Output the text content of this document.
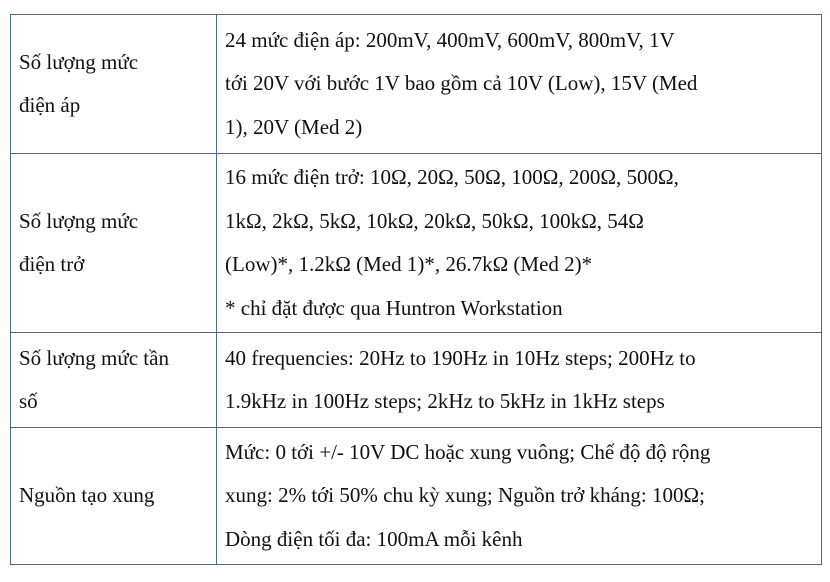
Số lượng mức
điện áp	24 mức điện áp: 200mV, 400mV, 600mV, 800mV, 1V
tới 20V với bước 1V bao gồm cả 10V (Low), 15V (Med
1), 20V (Med 2)

Số lượng mức
điện trở	16 mức điện trở: 10Ω, 20Ω, 50Ω, 100Ω, 200Ω, 500Ω,
1kΩ, 2kΩ, 5kΩ, 10kΩ, 20kΩ, 50kΩ, 100kΩ, 54Ω
(Low)*, 1.2kΩ (Med 1)*, 26.7kΩ (Med 2)*
* chỉ đặt được qua Huntron Workstation

Số lượng mức tần
số	40 frequencies: 20Hz to 190Hz in 10Hz steps; 200Hz to
1.9kHz in 100Hz steps; 2kHz to 5kHz in 1kHz steps

Nguồn tạo xung	Mức: 0 tới +/- 10V DC hoặc xung vuông; Chế độ độ rộng
xung: 2% tới 50% chu kỳ xung; Nguồn trở kháng: 100Ω;
Dòng điện tối đa: 100mA mỗi kênh
